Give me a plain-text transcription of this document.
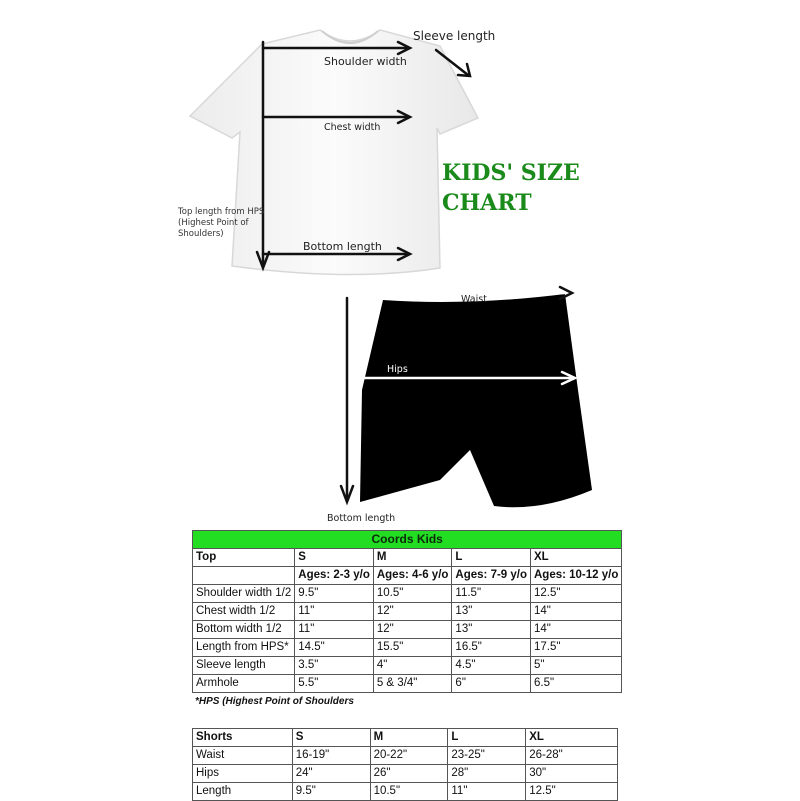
Sleeve length
Shoulder width
Chest width
Bottom length
Top length from HPS
(Highest Point of
Shoulders)
KIDS' SIZE
CHART
Waist
Hips
Bottom length
Coords Kids				
Top	S	M	L	XL
	Ages: 2-3 y/o	Ages: 4-6 y/o	Ages: 7-9 y/o	Ages: 10-12 y/o
Shoulder width 1/2	9.5"	10.5"	11.5"	12.5"
Chest width 1/2	11"	12"	13"	14"
Bottom width 1/2	11"	12"	13"	14"
Length from HPS*	14.5"	15.5"	16.5"	17.5"
Sleeve length	3.5"	4"	4.5"	5"
Armhole	5.5"	5 & 3/4"	6"	6.5"
*HPS (Highest Point of Shoulders
Shorts	S	M	L	XL
Waist	16-19"	20-22"	23-25"	26-28"
Hips	24"	26"	28"	30"
Length	9.5"	10.5"	11"	12.5"
